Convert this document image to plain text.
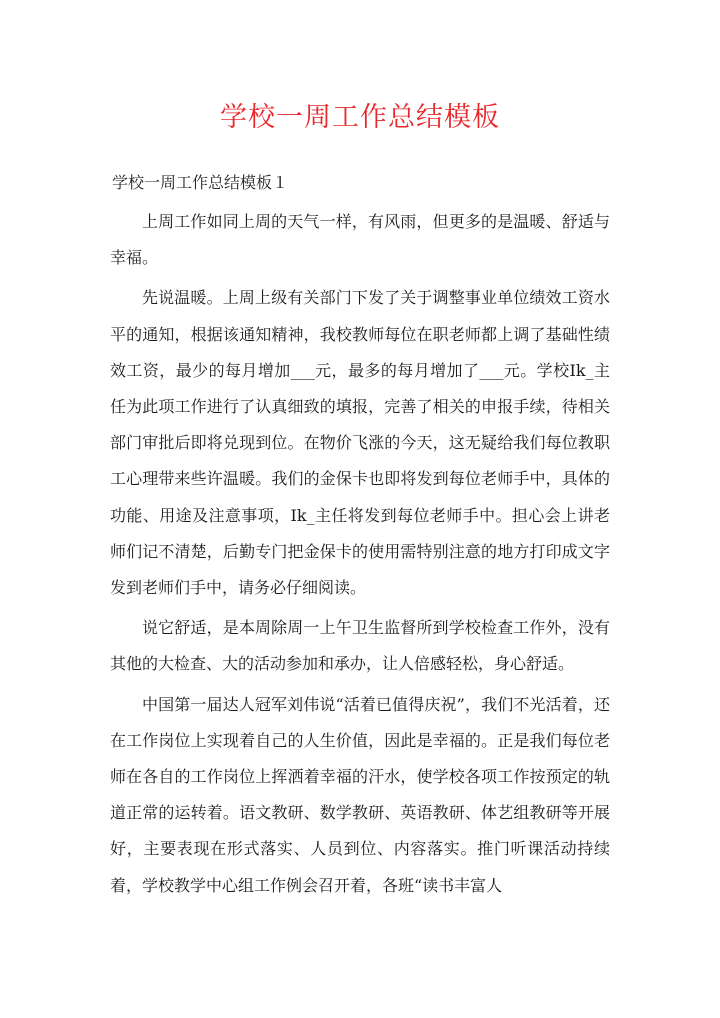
学校一周工作总结模板
学校一周工作总结模板１

上周工作如同上周的天气一样，有风雨，但更多的是温暖、舒适与幸福。

先说温暖。上周上级有关部门下发了关于调整事业单位绩效工资水平的通知，根据该通知精神，我校教师每位在职老师都上调了基础性绩效工资，最少的每月增加___元，最多的每月增加了___元。学校Ik_主任为此项工作进行了认真细致的填报，完善了相关的申报手续，待相关部门审批后即将兑现到位。在物价飞涨的今天，这无疑给我们每位教职工心理带来些许温暖。我们的金保卡也即将发到每位老师手中，具体的功能、用途及注意事项，Ik_主任将发到每位老师手中。担心会上讲老师们记不清楚，后勤专门把金保卡的使用需特别注意的地方打印成文字发到老师们手中，请务必仔细阅读。

说它舒适，是本周除周一上午卫生监督所到学校检查工作外，没有其他的大检查、大的活动参加和承办，让人倍感轻松，身心舒适。

中国第一届达人冠军刘伟说“活着已值得庆祝”，我们不光活着，还在工作岗位上实现着自己的人生价值，因此是幸福的。正是我们每位老师在各自的工作岗位上挥洒着幸福的汗水，使学校各项工作按预定的轨道正常的运转着。语文教研、数学教研、英语教研、体艺组教研等开展好，主要表现在形式落实、人员到位、内容落实。推门听课活动持续着，学校教学中心组工作例会召开着，各班“读书丰富人
